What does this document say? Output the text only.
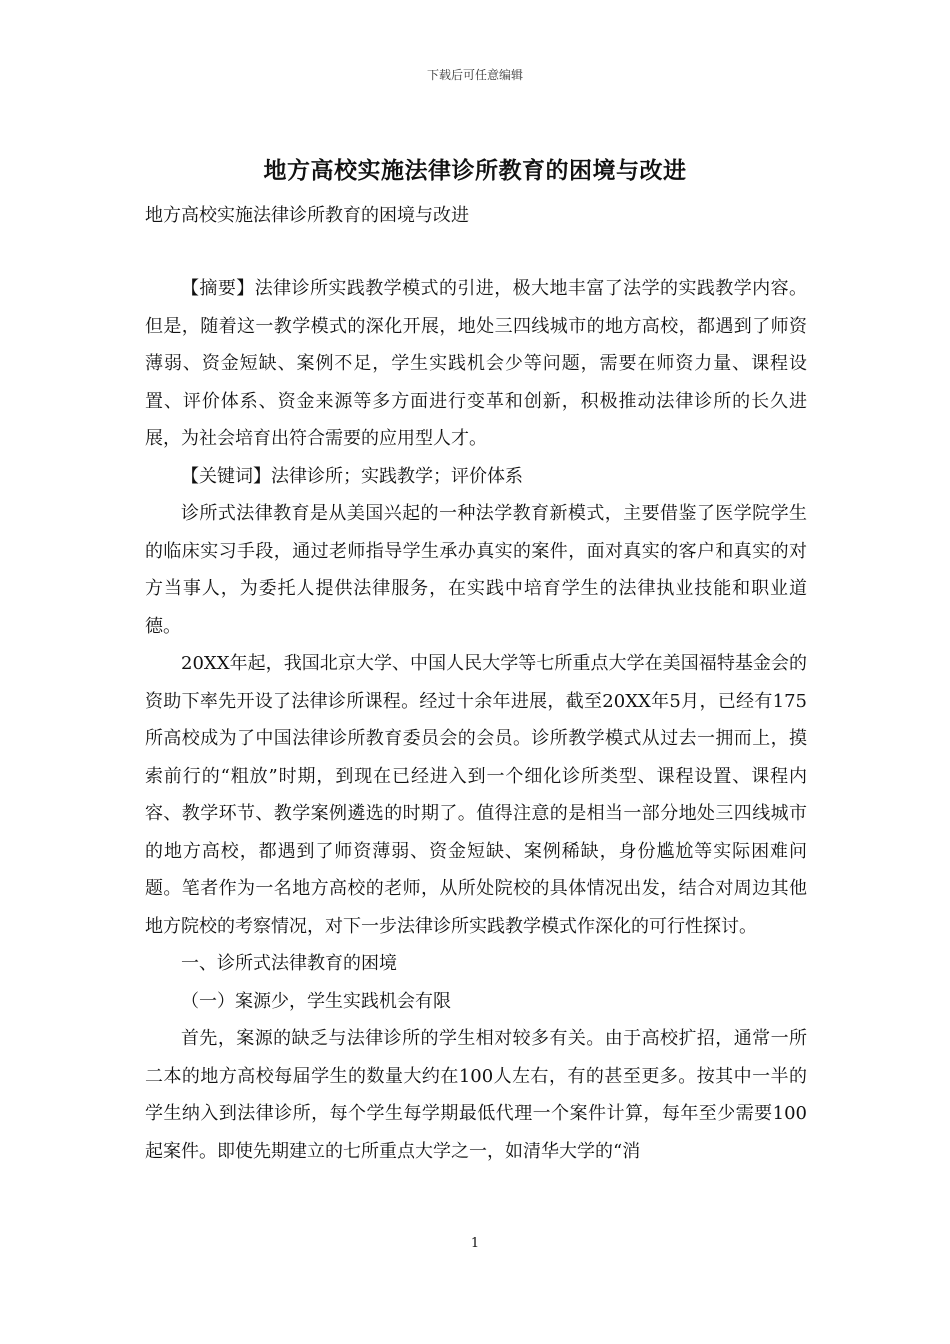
下载后可任意编辑
地方高校实施法律诊所教育的困境与改进
地方高校实施法律诊所教育的困境与改进

【摘要】法律诊所实践教学模式的引进，极大地丰富了法学的实践教学内容。但是，随着这一教学模式的深化开展，地处三四线城市的地方高校，都遇到了师资薄弱、资金短缺、案例不足，学生实践机会少等问题，需要在师资力量、课程设置、评价体系、资金来源等多方面进行变革和创新，积极推动法律诊所的长久进展，为社会培育出符合需要的应用型人才。

【关键词】法律诊所；实践教学；评价体系

诊所式法律教育是从美国兴起的一种法学教育新模式，主要借鉴了医学院学生的临床实习手段，通过老师指导学生承办真实的案件，面对真实的客户和真实的对方当事人，为委托人提供法律服务，在实践中培育学生的法律执业技能和职业道德。

20XX年起，我国北京大学、中国人民大学等七所重点大学在美国福特基金会的资助下率先开设了法律诊所课程。经过十余年进展，截至20XX年5月，已经有175所高校成为了中国法律诊所教育委员会的会员。诊所教学模式从过去一拥而上，摸索前行的“粗放”时期，到现在已经进入到一个细化诊所类型、课程设置、课程内容、教学环节、教学案例遴选的时期了。值得注意的是相当一部分地处三四线城市的地方高校，都遇到了师资薄弱、资金短缺、案例稀缺，身份尴尬等实际困难问题。笔者作为一名地方高校的老师，从所处院校的具体情况出发，结合对周边其他地方院校的考察情况，对下一步法律诊所实践教学模式作深化的可行性探讨。

一、诊所式法律教育的困境

（一）案源少，学生实践机会有限

首先，案源的缺乏与法律诊所的学生相对较多有关。由于高校扩招，通常一所二本的地方高校每届学生的数量大约在100人左右，有的甚至更多。按其中一半的学生纳入到法律诊所，每个学生每学期最低代理一个案件计算，每年至少需要100起案件。即使先期建立的七所重点大学之一，如清华大学的“消

1
